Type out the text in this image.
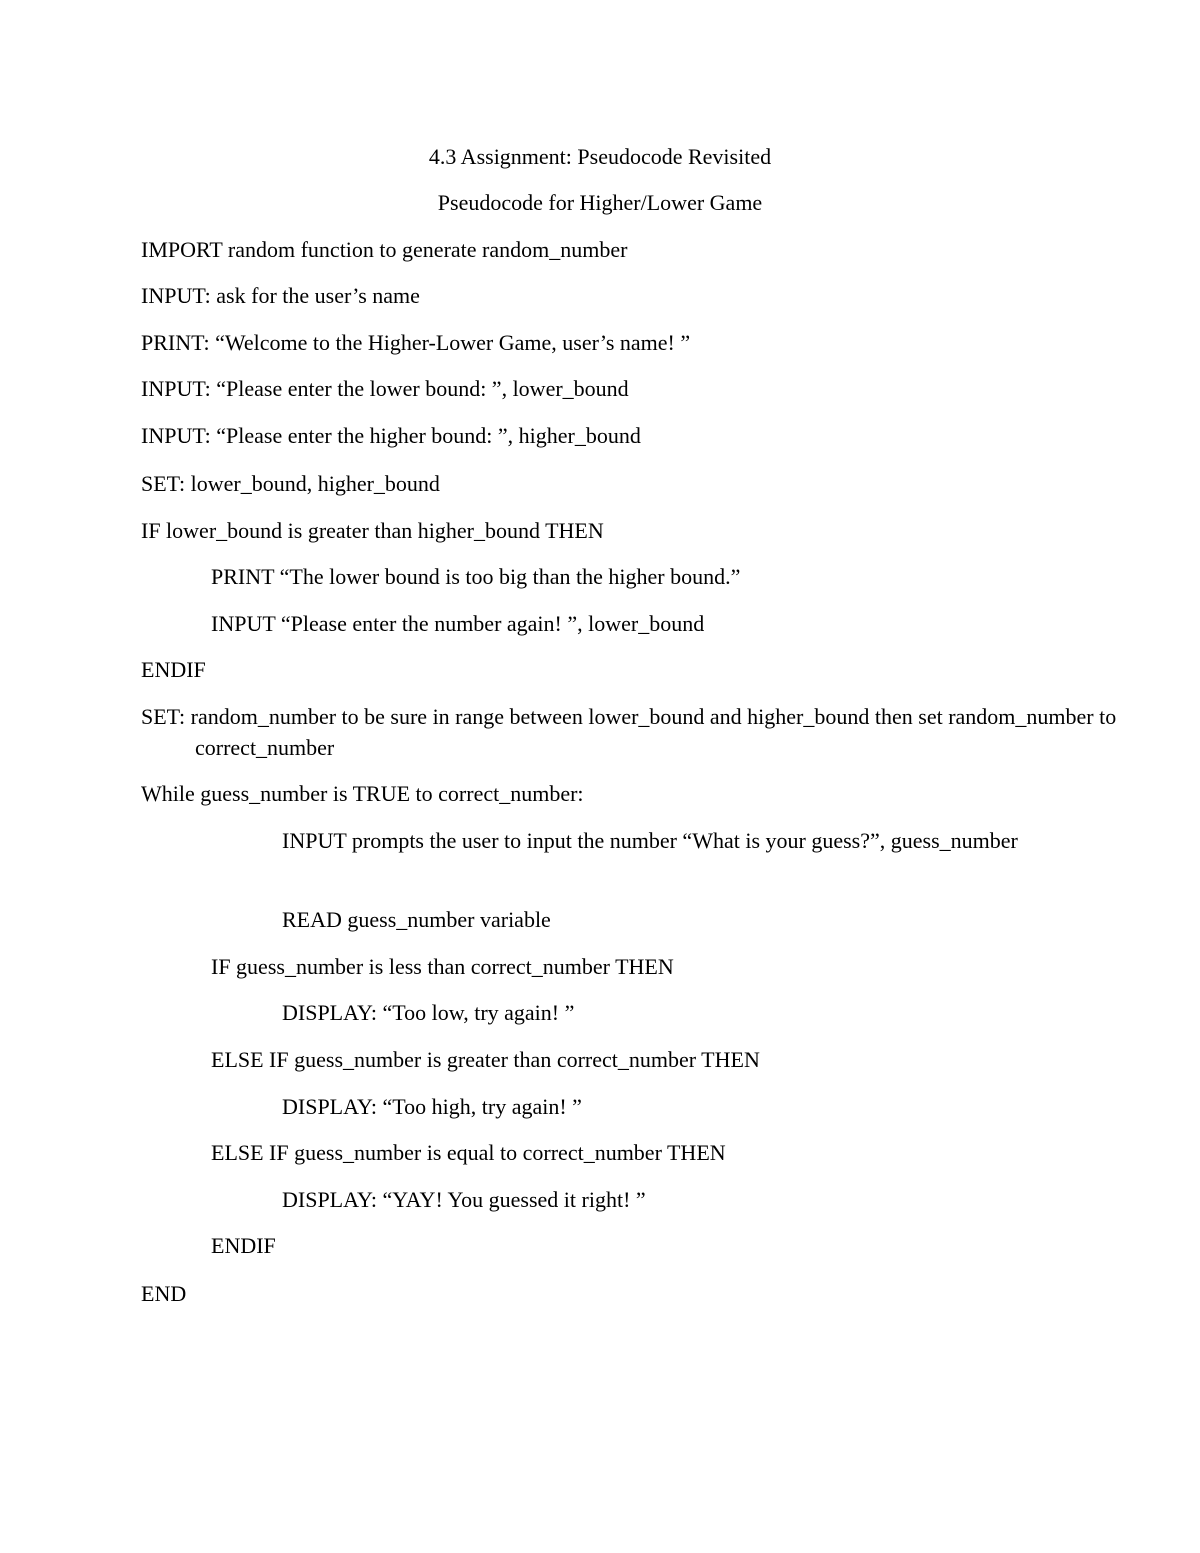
4.3 Assignment: Pseudocode Revisited
Pseudocode for Higher/Lower Game
IMPORT random function to generate random_number
INPUT: ask for the user’s name
PRINT: “Welcome to the Higher-Lower Game, user’s name! ”
INPUT: “Please enter the lower bound: ”, lower_bound
INPUT: “Please enter the higher bound: ”, higher_bound
SET: lower_bound, higher_bound
IF lower_bound is greater than higher_bound THEN
PRINT “The lower bound is too big than the higher bound.”
INPUT “Please enter the number again! ”, lower_bound
ENDIF
SET: random_number to be sure in range between lower_bound and higher_bound then set random_number to correct_number
While guess_number is TRUE to correct_number:
INPUT prompts the user to input the number “What is your guess?”, guess_number
READ guess_number variable
IF guess_number is less than correct_number THEN
DISPLAY: “Too low, try again! ”
ELSE IF guess_number is greater than correct_number THEN
DISPLAY: “Too high, try again! ”
ELSE IF guess_number is equal to correct_number THEN
DISPLAY: “YAY! You guessed it right! ”
ENDIF
END
